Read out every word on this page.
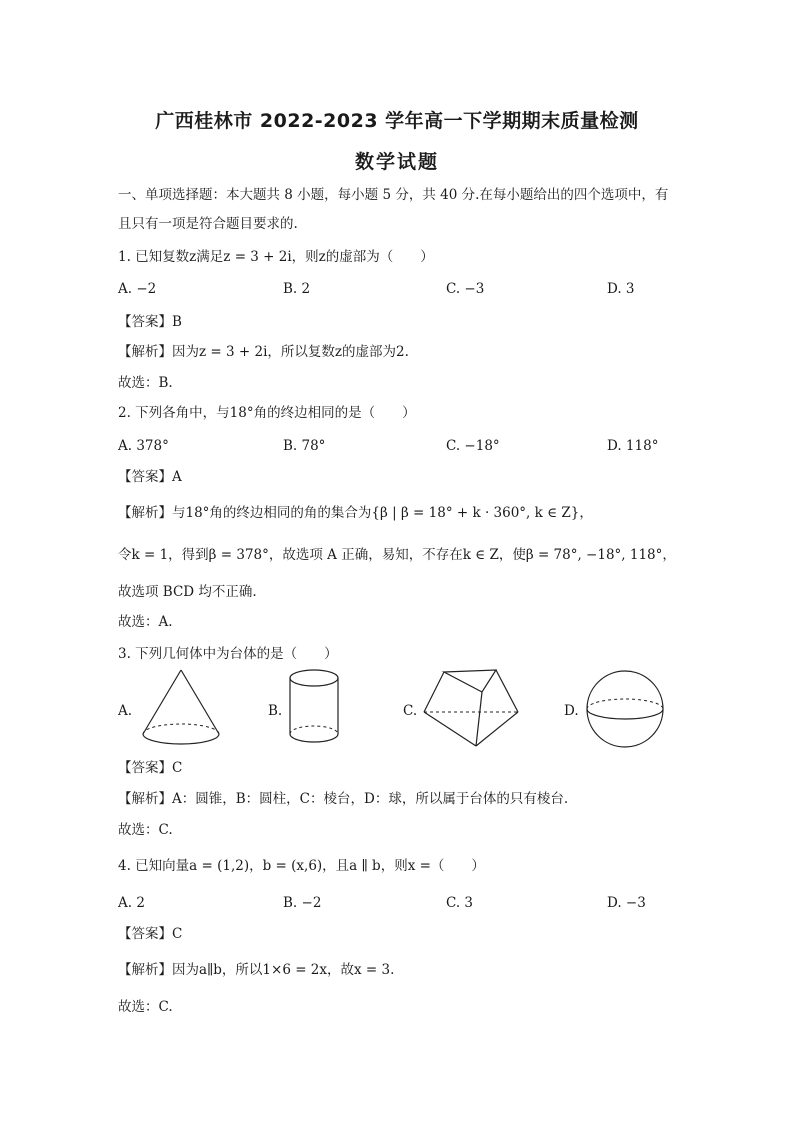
广西桂林市 2022-2023 学年高一下学期期末质量检测
数学试题
一、单项选择题：本大题共 8 小题，每小题 5 分，共 40 分.在每小题给出的四个选项中，有
且只有一项是符合题目要求的.
1. 已知复数z满足z = 3 + 2i，则z的虚部为（　　）
A. −2	B. 2	C. −3	D. 3
【答案】B
【解析】因为z = 3 + 2i，所以复数z的虚部为2.
故选：B.
2. 下列各角中，与18°角的终边相同的是（　　）
A. 378°	B. 78°	C. −18°	D. 118°
【答案】A
【解析】与18°角的终边相同的角的集合为{β | β = 18° + k · 360°, k ∈ Z}，
令k = 1，得到β = 378°，故选项 A 正确，易知，不存在k ∈ Z，使β = 78°, −18°, 118°，
故选项 BCD 均不正确.
故选：A.
3. 下列几何体中为台体的是（　　）
A.	B.	C.	D.
【答案】C
【解析】A：圆锥，B：圆柱，C：棱台，D：球，所以属于台体的只有棱台.
故选：C.
4. 已知向量a = (1,2)，b = (x,6)，且a ∥ b，则x =（　　）
A. 2	B. −2	C. 3	D. −3
【答案】C
【解析】因为a∥b，所以1×6 = 2x，故x = 3.
故选：C.
